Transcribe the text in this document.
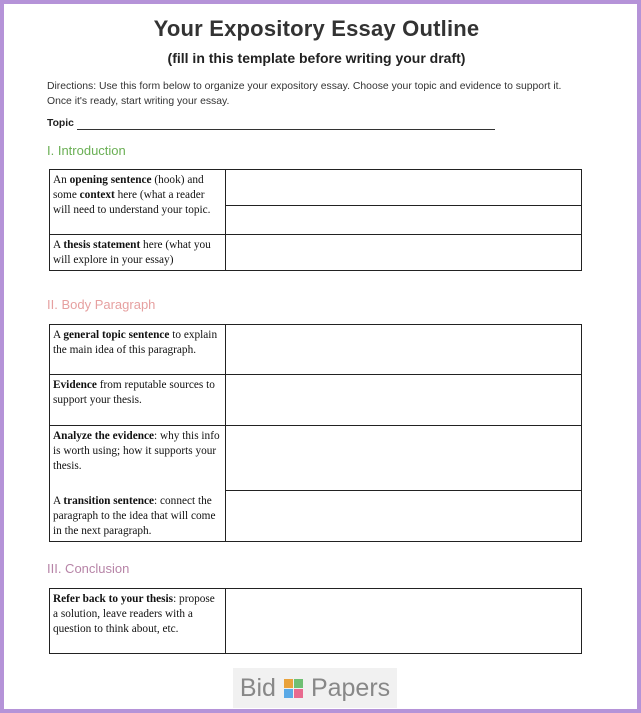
Your Expository Essay Outline
(fill in this template before writing your draft)
Directions: Use this form below to organize your expository essay. Choose your topic and evidence to support it. Once it's ready, start writing your essay.
Topic
I. Introduction
An opening sentence (hook) and some context here (what a reader will need to understand your topic.	

A thesis statement here (what you will explore in your essay)	
II. Body Paragraph
A general topic sentence to explain the main idea of this paragraph.	
Evidence from reputable sources to support your thesis.	
Analyze the evidence: why this info is worth using; how it supports your thesis.	
A transition sentence: connect the paragraph to the idea that will come in the next paragraph.	
III. Conclusion
Refer back to your thesis: propose a solution, leave readers with a question to think about, etc.	
Bid Papers
